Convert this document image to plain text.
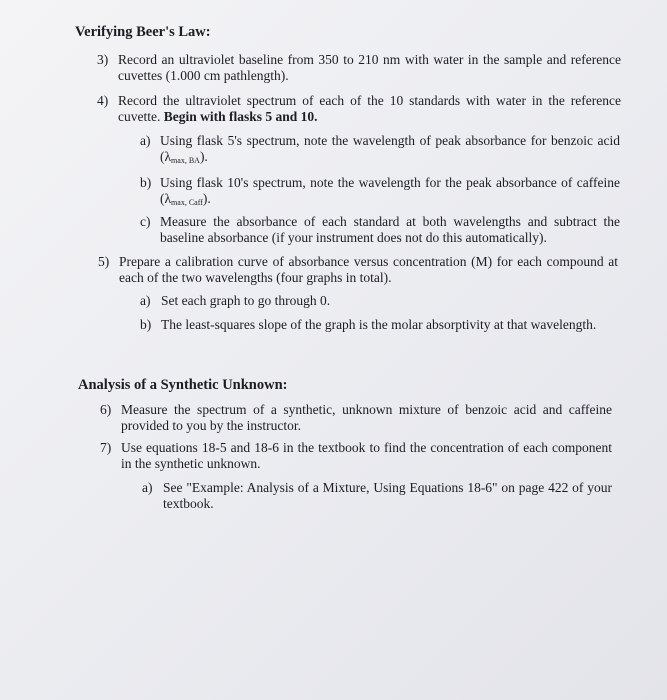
Verifying Beer's Law:
3) Record an ultraviolet baseline from 350 to 210 nm with water in the sample and reference cuvettes (1.000 cm pathlength).
4) Record the ultraviolet spectrum of each of the 10 standards with water in the reference cuvette. Begin with flasks 5 and 10.
a) Using flask 5's spectrum, note the wavelength of peak absorbance for benzoic acid $(\lambda_{max, BA})$.
b) Using flask 10's spectrum, note the wavelength for the peak absorbance of caffeine $(\lambda_{max, Caff})$.
c) Measure the absorbance of each standard at both wavelengths and subtract the baseline absorbance (if your instrument does not do this automatically).
5) Prepare a calibration curve of absorbance versus concentration (M) for each compound at each of the two wavelengths (four graphs in total).
a) Set each graph to go through 0.
b) The least-squares slope of the graph is the molar absorptivity at that wavelength.
Analysis of a Synthetic Unknown:
6) Measure the spectrum of a synthetic, unknown mixture of benzoic acid and caffeine provided to you by the instructor.
7) Use equations 18-5 and 18-6 in the textbook to find the concentration of each component in the synthetic unknown.
a) See "Example: Analysis of a Mixture, Using Equations 18-6" on page 422 of your textbook.
